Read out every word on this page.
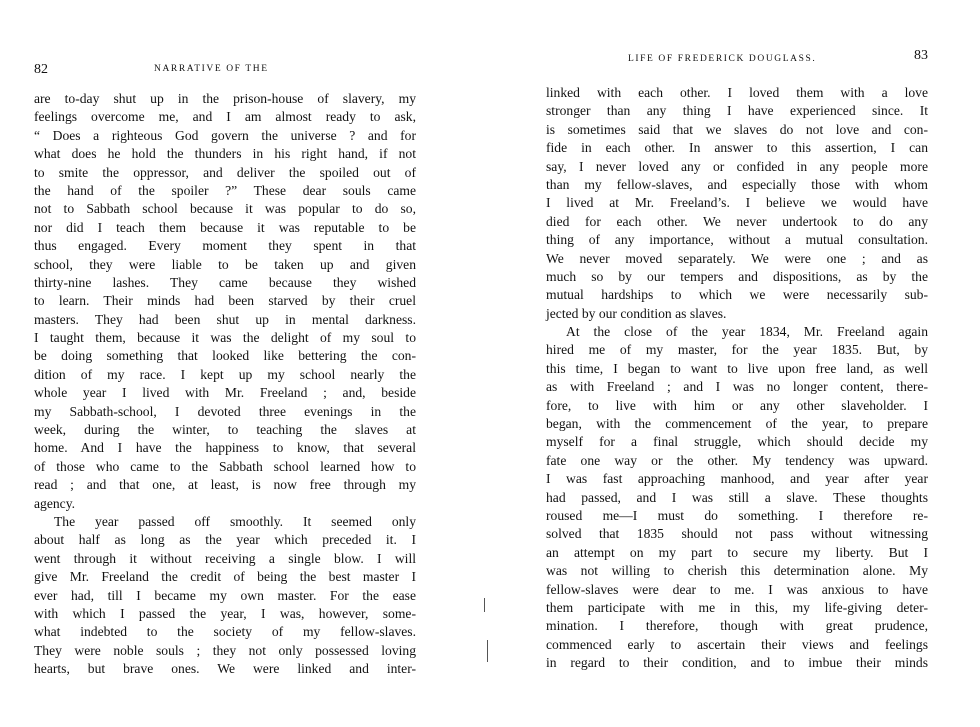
82	NARRATIVE OF THE
are to-day shut up in the prison-house of slavery, my
feelings overcome me, and I am almost ready to ask,
“ Does a righteous God govern the universe ? and for
what does he hold the thunders in his right hand, if not
to smite the oppressor, and deliver the spoiled out of
the hand of the spoiler ?” These dear souls came
not to Sabbath school because it was popular to do so,
nor did I teach them because it was reputable to be
thus engaged. Every moment they spent in that
school, they were liable to be taken up and given
thirty-nine lashes. They came because they wished
to learn. Their minds had been starved by their cruel
masters. They had been shut up in mental darkness.
I taught them, because it was the delight of my soul to
be doing something that looked like bettering the con-
dition of my race. I kept up my school nearly the
whole year I lived with Mr. Freeland ; and, beside
my Sabbath-school, I devoted three evenings in the
week, during the winter, to teaching the slaves at
home. And I have the happiness to know, that several
of those who came to the Sabbath school learned how to
read ; and that one, at least, is now free through my
agency.
The year passed off smoothly. It seemed only
about half as long as the year which preceded it. I
went through it without receiving a single blow. I will
give Mr. Freeland the credit of being the best master I
ever had, till I became my own master. For the ease
with which I passed the year, I was, however, some-
what indebted to the society of my fellow-slaves.
They were noble souls ; they not only possessed loving
hearts, but brave ones. We were linked and inter-
LIFE OF FREDERICK DOUGLASS.	83
linked with each other. I loved them with a love
stronger than any thing I have experienced since. It
is sometimes said that we slaves do not love and con-
fide in each other. In answer to this assertion, I can
say, I never loved any or confided in any people more
than my fellow-slaves, and especially those with whom
I lived at Mr. Freeland’s. I believe we would have
died for each other. We never undertook to do any
thing of any importance, without a mutual consultation.
We never moved separately. We were one ; and as
much so by our tempers and dispositions, as by the
mutual hardships to which we were necessarily sub-
jected by our condition as slaves.
At the close of the year 1834, Mr. Freeland again
hired me of my master, for the year 1835. But, by
this time, I began to want to live upon free land, as well
as with Freeland ; and I was no longer content, there-
fore, to live with him or any other slaveholder. I
began, with the commencement of the year, to prepare
myself for a final struggle, which should decide my
fate one way or the other. My tendency was upward.
I was fast approaching manhood, and year after year
had passed, and I was still a slave. These thoughts
roused me—I must do something. I therefore re-
solved that 1835 should not pass without witnessing
an attempt on my part to secure my liberty. But I
was not willing to cherish this determination alone. My
fellow-slaves were dear to me. I was anxious to have
them participate with me in this, my life-giving deter-
mination. I therefore, though with great prudence,
commenced early to ascertain their views and feelings
in regard to their condition, and to imbue their minds
